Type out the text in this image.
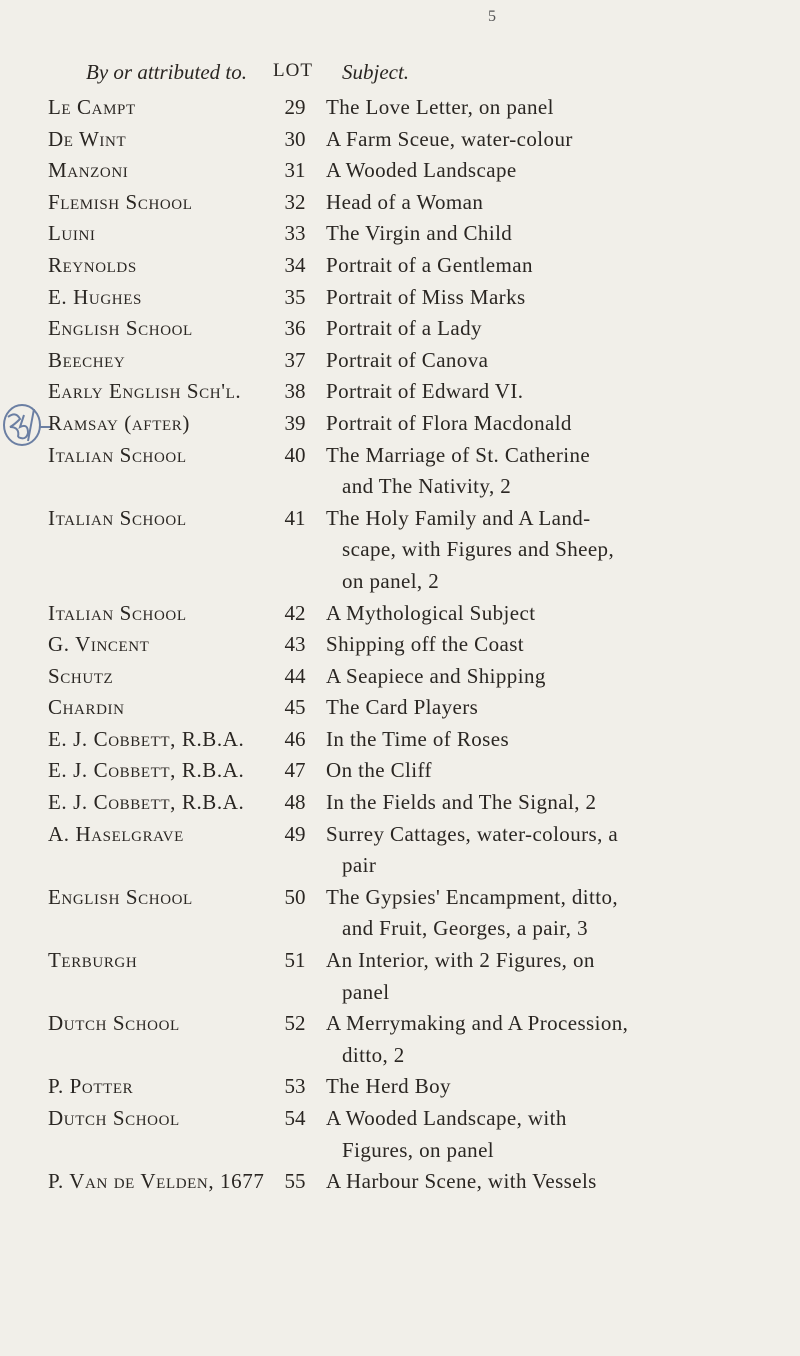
5
By or attributed to. LOT Subject.
Le Campt	29 The Love Letter, on panel
De Wint	30 A Farm Sceue, water-colour
Manzoni	31 A Wooded Landscape
Flemish School	32 Head of a Woman
Luini	33 The Virgin and Child
Reynolds	34 Portrait of a Gentleman
E. Hughes	35 Portrait of Miss Marks
English School	36 Portrait of a Lady
Beechey	37 Portrait of Canova
Early English Sch'l.	38 Portrait of Edward VI.
Ramsay (after)	39 Portrait of Flora Macdonald
Italian School	40 The Marriage of St. Catherine
and The Nativity, 2
Italian School	41 The Holy Family and A Land-
scape, with Figures and Sheep,
on panel, 2
Italian School	42 A Mythological Subject
G. Vincent	43 Shipping off the Coast
Schutz	44 A Seapiece and Shipping
Chardin	45 The Card Players
E. J. Cobbett, R.B.A.	46 In the Time of Roses
E. J. Cobbett, R.B.A.	47 On the Cliff
E. J. Cobbett, R.B.A.	48 In the Fields and The Signal, 2
A. Haselgrave	49 Surrey Cattages, water-colours, a
pair
English School	50 The Gypsies' Encampment, ditto,
and Fruit, Georges, a pair, 3
Terburgh	51 An Interior, with 2 Figures, on
panel
Dutch School	52 A Merrymaking and A Procession,
ditto, 2
P. Potter	53 The Herd Boy
Dutch School	54 A Wooded Landscape, with
Figures, on panel
P. Van de Velden, 1677 55 A Harbour Scene, with Vessels
